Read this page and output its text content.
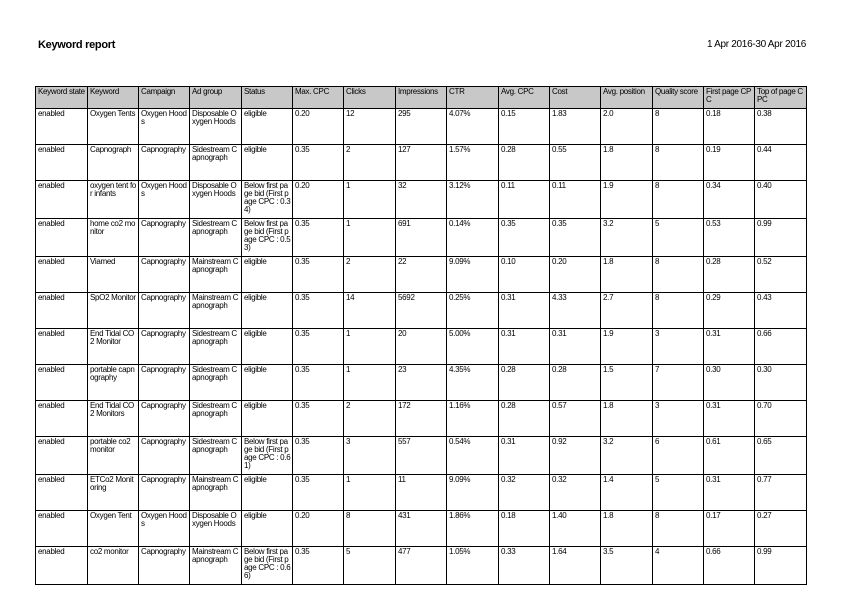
Keyword report	1 Apr 2016-30 Apr 2016
Keyword state	Keyword	Campaign	Ad group	Status	Max. CPC	Clicks	Impressions	CTR	Avg. CPC	Cost	Avg. position	Quality score	First page CPC	Top of page CPC
enabled	Oxygen Tents	Oxygen Hoods	Disposable Oxygen Hoods	eligible	0.20	12	295	4.07%	0.15	1.83	2.0	8	0.18	0.38
enabled	Capnograph	Capnography	Sidestream Capnograph	eligible	0.35	2	127	1.57%	0.28	0.55	1.8	8	0.19	0.44
enabled	oxygen tent for infants	Oxygen Hoods	Disposable Oxygen Hoods	Below first page bid (First page CPC : 0.34)	0.20	1	32	3.12%	0.11	0.11	1.9	8	0.34	0.40
enabled	home co2 monitor	Capnography	Sidestream Capnograph	Below first page bid (First page CPC : 0.53)	0.35	1	691	0.14%	0.35	0.35	3.2	5	0.53	0.99
enabled	Viamed	Capnography	Mainstream Capnograph	eligible	0.35	2	22	9.09%	0.10	0.20	1.8	8	0.28	0.52
enabled	SpO2 Monitor	Capnography	Mainstream Capnograph	eligible	0.35	14	5692	0.25%	0.31	4.33	2.7	8	0.29	0.43
enabled	End Tidal CO2 Monitor	Capnography	Sidestream Capnograph	eligible	0.35	1	20	5.00%	0.31	0.31	1.9	3	0.31	0.66
enabled	portable capnography	Capnography	Sidestream Capnograph	eligible	0.35	1	23	4.35%	0.28	0.28	1.5	7	0.30	0.30
enabled	End Tidal CO2 Monitors	Capnography	Sidestream Capnograph	eligible	0.35	2	172	1.16%	0.28	0.57	1.8	3	0.31	0.70
enabled	portable co2 monitor	Capnography	Sidestream Capnograph	Below first page bid (First page CPC : 0.61)	0.35	3	557	0.54%	0.31	0.92	3.2	6	0.61	0.65
enabled	ETCo2 Monitoring	Capnography	Mainstream Capnograph	eligible	0.35	1	11	9.09%	0.32	0.32	1.4	5	0.31	0.77
enabled	Oxygen Tent	Oxygen Hoods	Disposable Oxygen Hoods	eligible	0.20	8	431	1.86%	0.18	1.40	1.8	8	0.17	0.27
enabled	co2 monitor	Capnography	Mainstream Capnograph	Below first page bid (First page CPC : 0.66)	0.35	5	477	1.05%	0.33	1.64	3.5	4	0.66	0.99
